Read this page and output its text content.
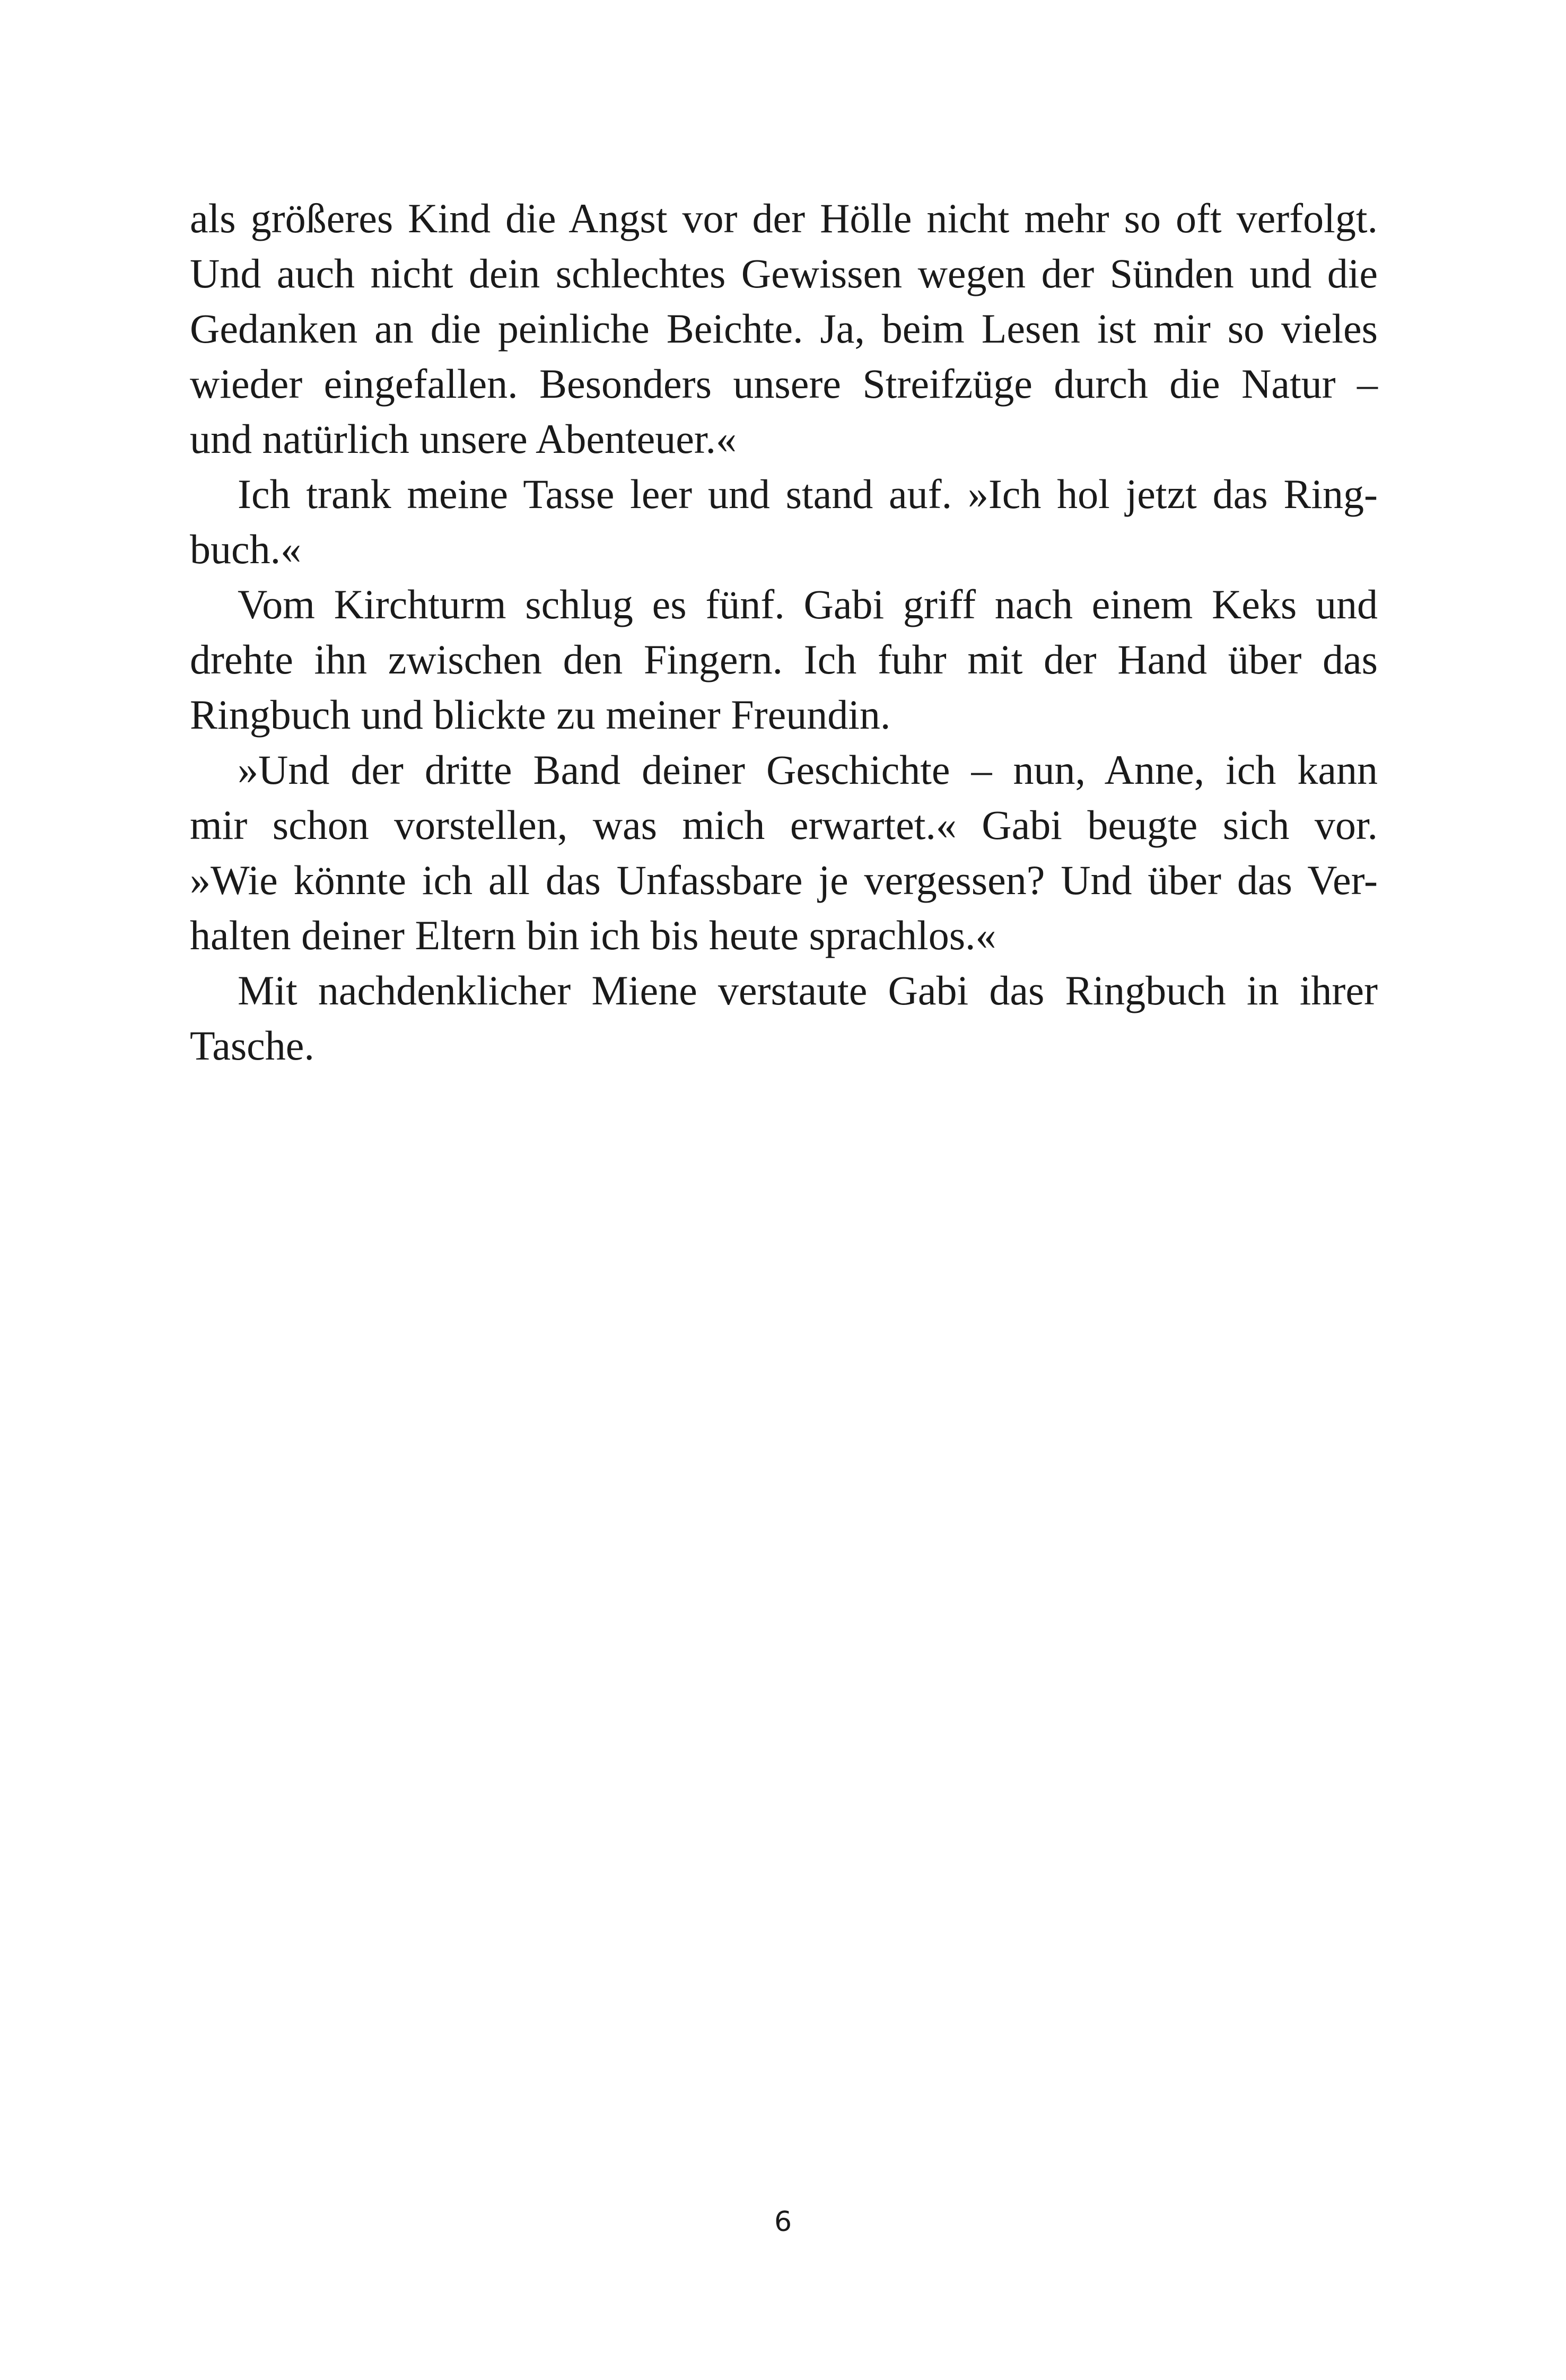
als größeres Kind die Angst vor der Hölle nicht mehr so oft verfolgt.
Und auch nicht dein schlechtes Gewissen wegen der Sünden und die
Gedanken an die peinliche Beichte. Ja, beim Lesen ist mir so vieles
wieder eingefallen. Besonders unsere Streifzüge durch die Natur –
und natürlich unsere Abenteuer.«
Ich trank meine Tasse leer und stand auf. »Ich hol jetzt das Ring-
buch.«
Vom Kirchturm schlug es fünf. Gabi griff nach einem Keks und
drehte ihn zwischen den Fingern. Ich fuhr mit der Hand über das
Ringbuch und blickte zu meiner Freundin.
»Und der dritte Band deiner Geschichte – nun, Anne, ich kann
mir schon vorstellen, was mich erwartet.« Gabi beugte sich vor.
»Wie könnte ich all das Unfassbare je vergessen? Und über das Ver-
halten deiner Eltern bin ich bis heute sprachlos.«
Mit nachdenklicher Miene verstaute Gabi das Ringbuch in ihrer
Tasche.
6
